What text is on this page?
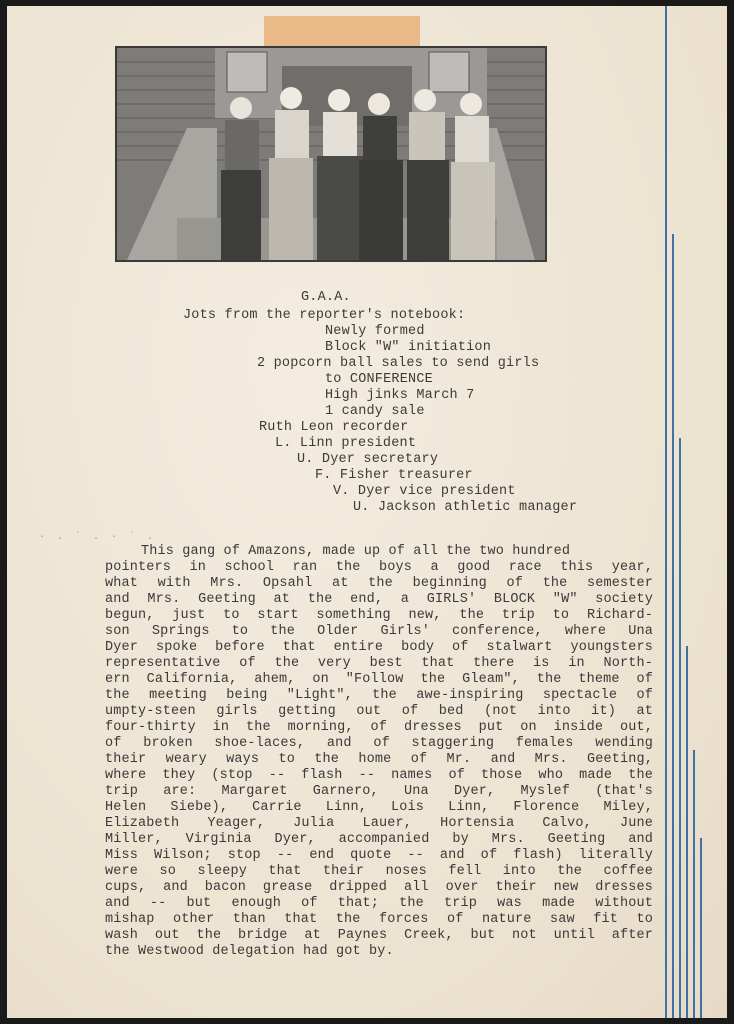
G.A.A.
Jots from the reporter's notebook:
Newly formed
Block "W" initiation
2 popcorn ball sales to send girls
to CONFERENCE
High jinks March 7
1 candy sale
Ruth Leon recorder
L. Linn president
U. Dyer secretary
F. Fisher treasurer
V. Dyer vice president
U. Jackson athletic manager
· . ´ . · ˙ .
This gang of Amazons, made up of all the two hundred
pointers in school ran the boys a good race this year,
what with Mrs. Opsahl at the beginning of the semester
and Mrs. Geeting at the end, a GIRLS' BLOCK "W" society
begun, just to start something new, the trip to Richard-
son Springs to the Older Girls' conference, where Una
Dyer spoke before that entire body of stalwart youngsters
representative of the very best that there is in North-
ern California, ahem, on "Follow the Gleam", the theme of
the meeting being "Light", the awe-inspiring spectacle of
umpty-steen girls getting out of bed (not into it) at
four-thirty in the morning, of dresses put on inside out,
of broken shoe-laces, and of staggering females wending
their weary ways to the home of Mr. and Mrs. Geeting,
where they (stop -- flash -- names of those who made the
trip are: Margaret Garnero, Una Dyer, Myslef (that's
Helen Siebe), Carrie Linn, Lois Linn, Florence Miley,
Elizabeth Yeager, Julia Lauer, Hortensia Calvo, June
Miller, Virginia Dyer, accompanied by Mrs. Geeting and
Miss Wilson; stop -- end quote -- and of flash) literally
were so sleepy that their noses fell into the coffee
cups, and bacon grease dripped all over their new dresses
and -- but enough of that; the trip was made without
mishap other than that the forces of nature saw fit to
wash out the bridge at Paynes Creek, but not until after
the Westwood delegation had got by.
